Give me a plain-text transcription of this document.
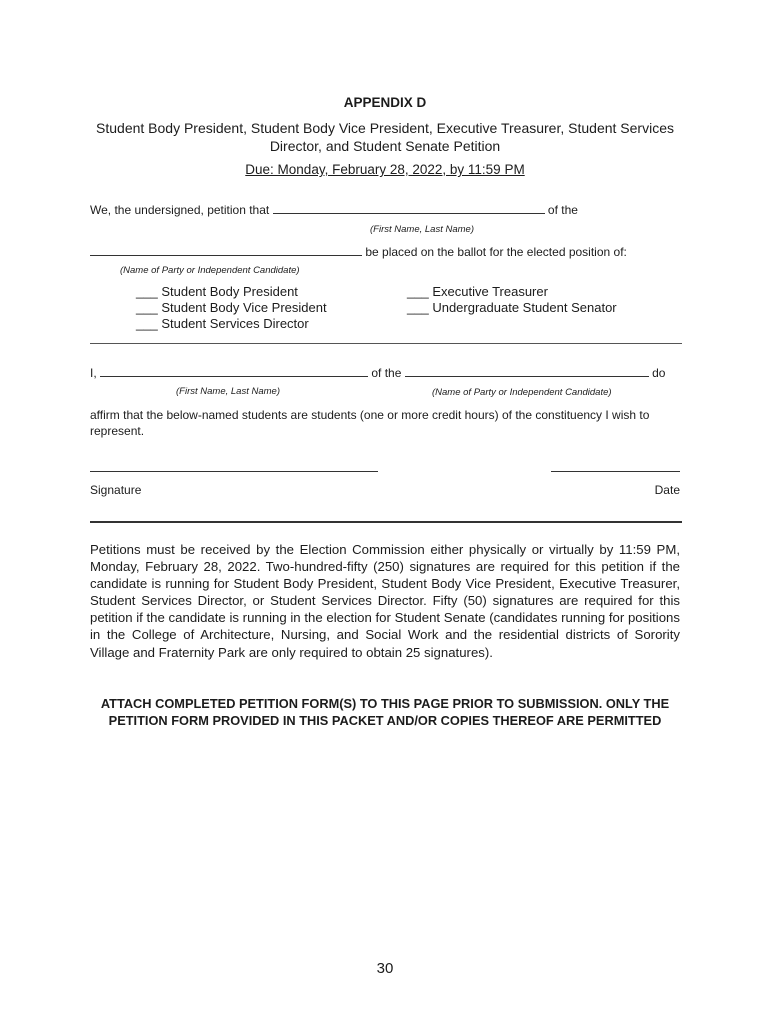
APPENDIX D
Student Body President, Student Body Vice President, Executive Treasurer, Student Services Director, and Student Senate Petition
Due: Monday, February 28, 2022, by 11:59 PM
We, the undersigned, petition that	of the
(First Name, Last Name)
be placed on the ballot for the elected position of:
(Name of Party or Independent Candidate)
___ Student Body President
___ Student Body Vice President
___ Student Services Director
___ Executive Treasurer
___ Undergraduate Student Senator
I,	of the	do
(First Name, Last Name)	(Name of Party or Independent Candidate)
affirm that the below-named students are students (one or more credit hours) of the constituency I wish to represent.
Signature	Date
Petitions must be received by the Election Commission either physically or virtually by 11:59 PM, Monday, February 28, 2022. Two-hundred-fifty (250) signatures are required for this petition if the candidate is running for Student Body President, Student Body Vice President, Executive Treasurer, Student Services Director, or Student Services Director. Fifty (50) signatures are required for this petition if the candidate is running in the election for Student Senate (candidates running for positions in the College of Architecture, Nursing, and Social Work and the residential districts of Sorority Village and Fraternity Park are only required to obtain 25 signatures).
ATTACH COMPLETED PETITION FORM(S) TO THIS PAGE PRIOR TO SUBMISSION. ONLY THE PETITION FORM PROVIDED IN THIS PACKET AND/OR COPIES THEREOF ARE PERMITTED
30
